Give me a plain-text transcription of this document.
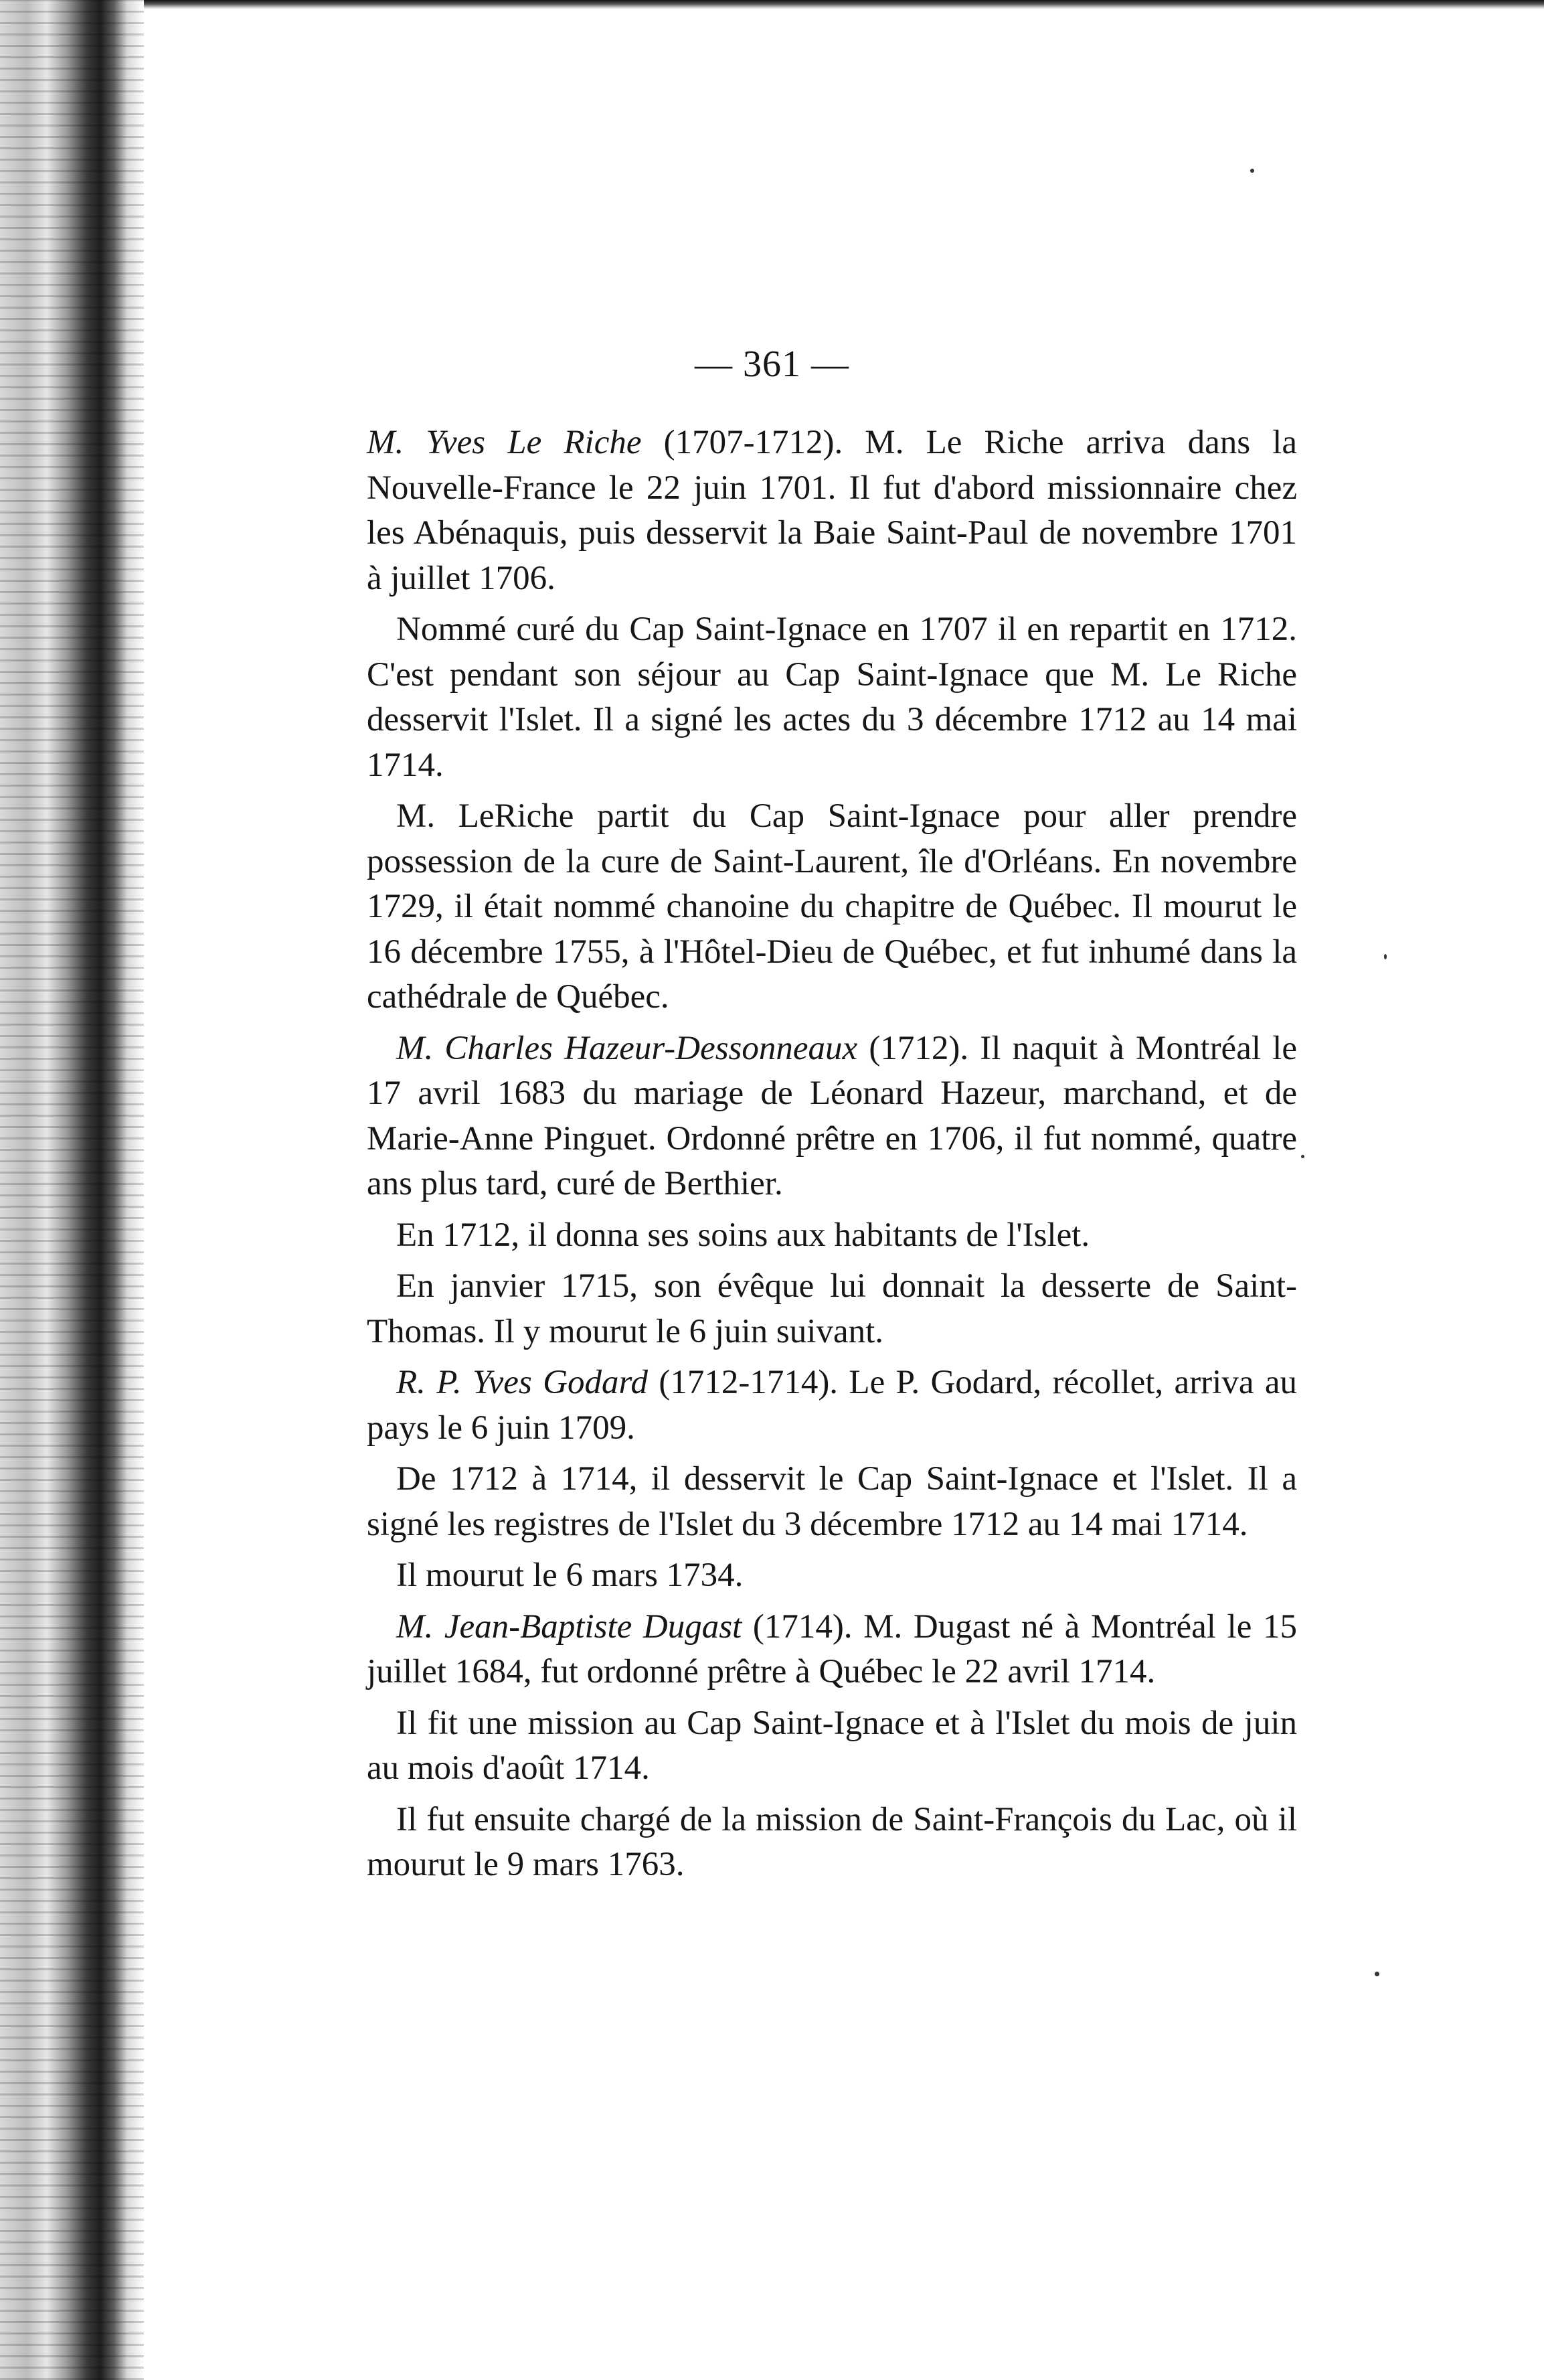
— 361 —

M. Yves Le Riche (1707-1712). M. Le Riche arriva dans la Nouvelle-France le 22 juin 1701. Il fut d'abord missionnaire chez les Abénaquis, puis desservit la Baie Saint-Paul de novembre 1701 à juillet 1706.

Nommé curé du Cap Saint-Ignace en 1707 il en repartit en 1712. C'est pendant son séjour au Cap Saint-Ignace que M. Le Riche desservit l'Islet. Il a signé les actes du 3 décembre 1712 au 14 mai 1714.

M. LeRiche partit du Cap Saint-Ignace pour aller prendre possession de la cure de Saint-Laurent, île d'Orléans. En novembre 1729, il était nommé chanoine du chapitre de Québec. Il mourut le 16 décembre 1755, à l'Hôtel-Dieu de Québec, et fut inhumé dans la cathédrale de Québec.

M. Charles Hazeur-Dessonneaux (1712). Il naquit à Montréal le 17 avril 1683 du mariage de Léonard Hazeur, marchand, et de Marie-Anne Pinguet. Ordonné prêtre en 1706, il fut nommé, quatre ans plus tard, curé de Berthier.

En 1712, il donna ses soins aux habitants de l'Islet.

En janvier 1715, son évêque lui donnait la desserte de Saint-Thomas. Il y mourut le 6 juin suivant.

R. P. Yves Godard (1712-1714). Le P. Godard, récollet, arriva au pays le 6 juin 1709.

De 1712 à 1714, il desservit le Cap Saint-Ignace et l'Islet. Il a signé les registres de l'Islet du 3 décembre 1712 au 14 mai 1714.

Il mourut le 6 mars 1734.

M. Jean-Baptiste Dugast (1714). M. Dugast né à Montréal le 15 juillet 1684, fut ordonné prêtre à Québec le 22 avril 1714.

Il fit une mission au Cap Saint-Ignace et à l'Islet du mois de juin au mois d'août 1714.

Il fut ensuite chargé de la mission de Saint-François du Lac, où il mourut le 9 mars 1763.
